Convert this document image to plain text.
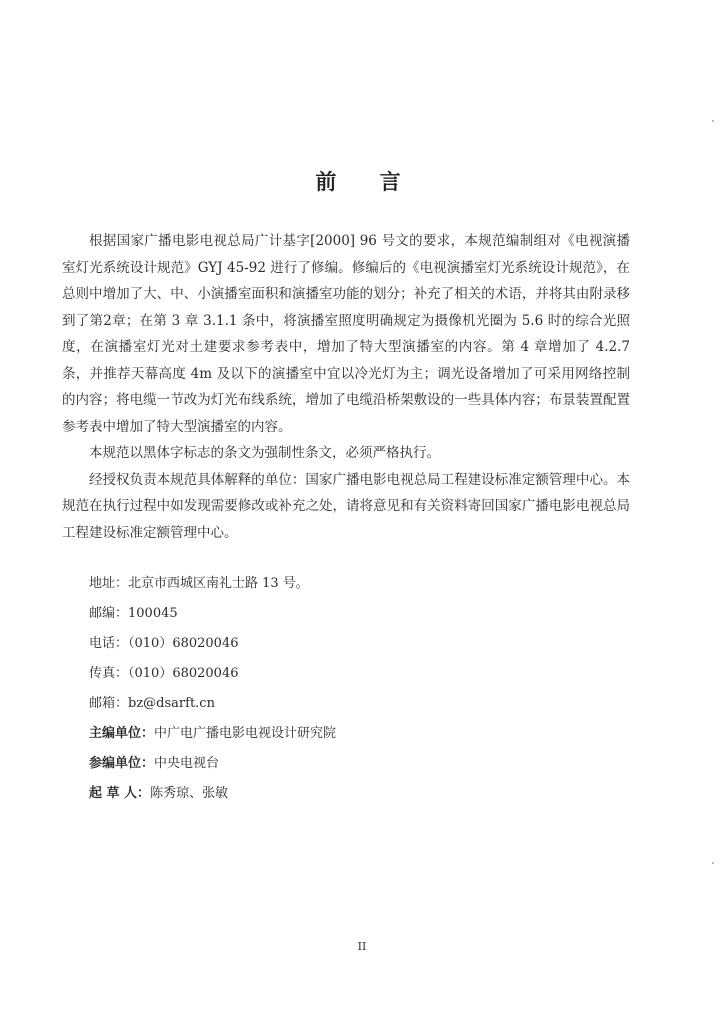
前 言

根据国家广播电影电视总局广计基字[2000] 96 号文的要求，本规范编制组对《电视演播室灯光系统设计规范》GYJ 45-92 进行了修编。修编后的《电视演播室灯光系统设计规范》，在总则中增加了大、中、小演播室面积和演播室功能的划分；补充了相关的术语，并将其由附录移到了第2章；在第 3 章 3.1.1 条中，将演播室照度明确规定为摄像机光圈为 5.6 时的综合光照度，在演播室灯光对土建要求参考表中，增加了特大型演播室的内容。第 4 章增加了 4.2.7 条，并推荐天幕高度 4m 及以下的演播室中宜以冷光灯为主；调光设备增加了可采用网络控制的内容；将电缆一节改为灯光布线系统，增加了电缆沿桥架敷设的一些具体内容；布景装置配置参考表中增加了特大型演播室的内容。

本规范以黑体字标志的条文为强制性条文，必须严格执行。

经授权负责本规范具体解释的单位：国家广播电影电视总局工程建设标准定额管理中心。本规范在执行过程中如发现需要修改或补充之处，请将意见和有关资料寄回国家广播电影电视总局工程建设标准定额管理中心。

地址：北京市西城区南礼士路 13 号。
邮编：100045
电话：（010）68020046
传真：（010）68020046
邮箱：bz@dsarft.cn
主编单位：中广电广播电影电视设计研究院
参编单位：中央电视台
起 草 人：陈秀琼、张敏
II
